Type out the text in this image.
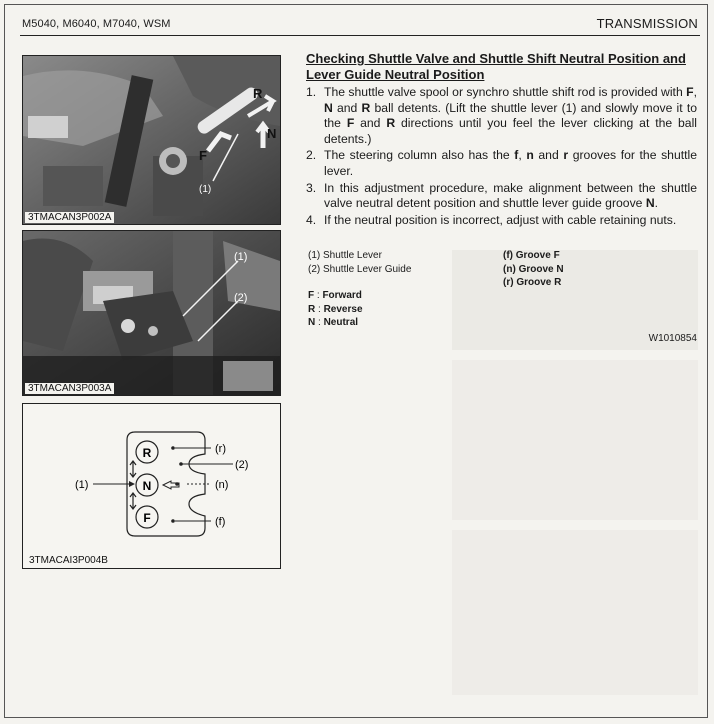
M5040, M6040, M7040, WSM	TRANSMISSION
R
N
F
(1)
3TMACAN3P002A
(1)
(2)
3TMACAN3P003A
R
N
F
(r)
(2)
(n)
(f)
(1)
3TMACAI3P004B
Checking Shuttle Valve and Shuttle Shift Neutral Position and Lever Guide Neutral Position
1. The shuttle valve spool or synchro shuttle shift rod is provided with F, N and R ball detents. (Lift the shuttle lever (1) and slowly move it to the F and R directions until you feel the lever clicking at the ball detents.)
2. The steering column also has the f, n and r grooves for the shuttle lever.
3. In this adjustment procedure, make alignment between the shuttle valve neutral detent position and shuttle lever guide groove N.
4. If the neutral position is incorrect, adjust with cable retaining nuts.
(1) Shuttle Lever
(2) Shuttle Lever Guide
(f) Groove F
(n) Groove N
(r) Groove R
F : Forward
R : Reverse
N : Neutral
W1010854
